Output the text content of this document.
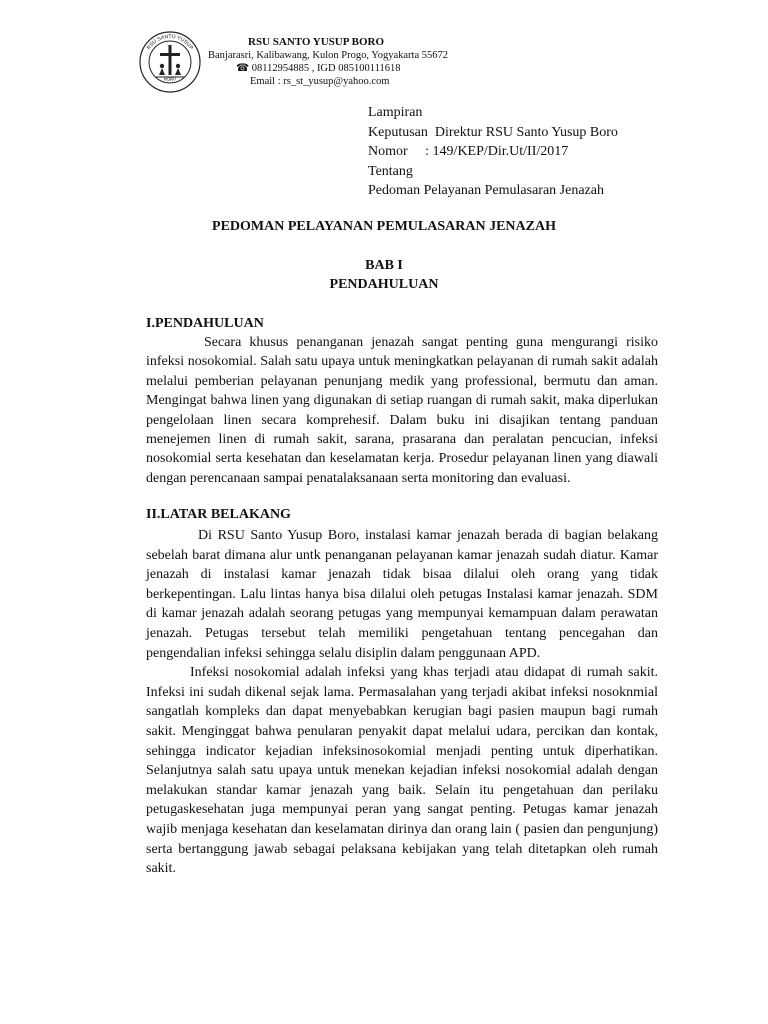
RSU SANTO YUSUP
BORO
RSU SANTO YUSUP BORO
Banjarasri, Kalibawang, Kulon Progo, Yogyakarta 55672
☎ 08112954885 , IGD 085100111618
Email : rs_st_yusup@yahoo.com
Lampiran
Keputusan  Direktur RSU Santo Yusup Boro
Nomor     : 149/KEP/Dir.Ut/II/2017
Tentang
Pedoman Pelayanan Pemulasaran Jenazah
PEDOMAN PELAYANAN PEMULASARAN JENAZAH
BAB I
PENDAHULUAN
I.PENDAHULUAN

Secara khusus penanganan jenazah sangat penting guna mengurangi risiko infeksi nosokomial. Salah satu upaya untuk meningkatkan pelayanan di rumah sakit adalah melalui pemberian pelayanan penunjang medik yang professional, bermutu dan aman. Mengingat bahwa linen yang digunakan di setiap ruangan di rumah sakit, maka diperlukan pengelolaan linen secara komprehesif. Dalam buku ini disajikan tentang panduan menejemen linen di rumah sakit, sarana, prasarana dan peralatan pencucian, infeksi nosokomial serta kesehatan dan keselamatan kerja. Prosedur pelayanan linen yang diawali dengan perencanaan sampai penatalaksanaan serta monitoring dan evaluasi.

II.LATAR BELAKANG

Di RSU Santo Yusup Boro, instalasi kamar jenazah berada di bagian belakang sebelah barat dimana alur untk penanganan pelayanan kamar jenazah sudah diatur. Kamar jenazah di instalasi kamar jenazah tidak bisaa dilalui oleh orang yang tidak berkepentingan. Lalu lintas hanya bisa dilalui oleh petugas Instalasi kamar jenazah. SDM di kamar jenazah adalah seorang petugas yang mempunyai kemampuan dalam perawatan jenazah. Petugas tersebut telah memiliki pengetahuan tentang pencegahan dan pengendalian infeksi sehingga selalu disiplin dalam penggunaan APD.

Infeksi nosokomial adalah infeksi yang khas terjadi atau didapat di rumah sakit. Infeksi ini sudah dikenal sejak lama. Permasalahan yang terjadi akibat infeksi nosoknmial sangatlah kompleks dan dapat menyebabkan kerugian bagi pasien maupun bagi rumah sakit. Menginggat bahwa penularan penyakit dapat melalui udara, percikan dan kontak, sehingga indicator kejadian infeksinosokomial menjadi penting untuk diperhatikan. Selanjutnya salah satu upaya untuk menekan kejadian infeksi nosokomial adalah dengan melakukan standar kamar jenazah yang baik. Selain itu pengetahuan dan perilaku petugaskesehatan juga mempunyai peran yang sangat penting. Petugas kamar jenazah wajib menjaga kesehatan dan keselamatan dirinya dan orang lain ( pasien dan pengunjung) serta bertanggung jawab sebagai pelaksana kebijakan yang telah ditetapkan oleh rumah sakit.
